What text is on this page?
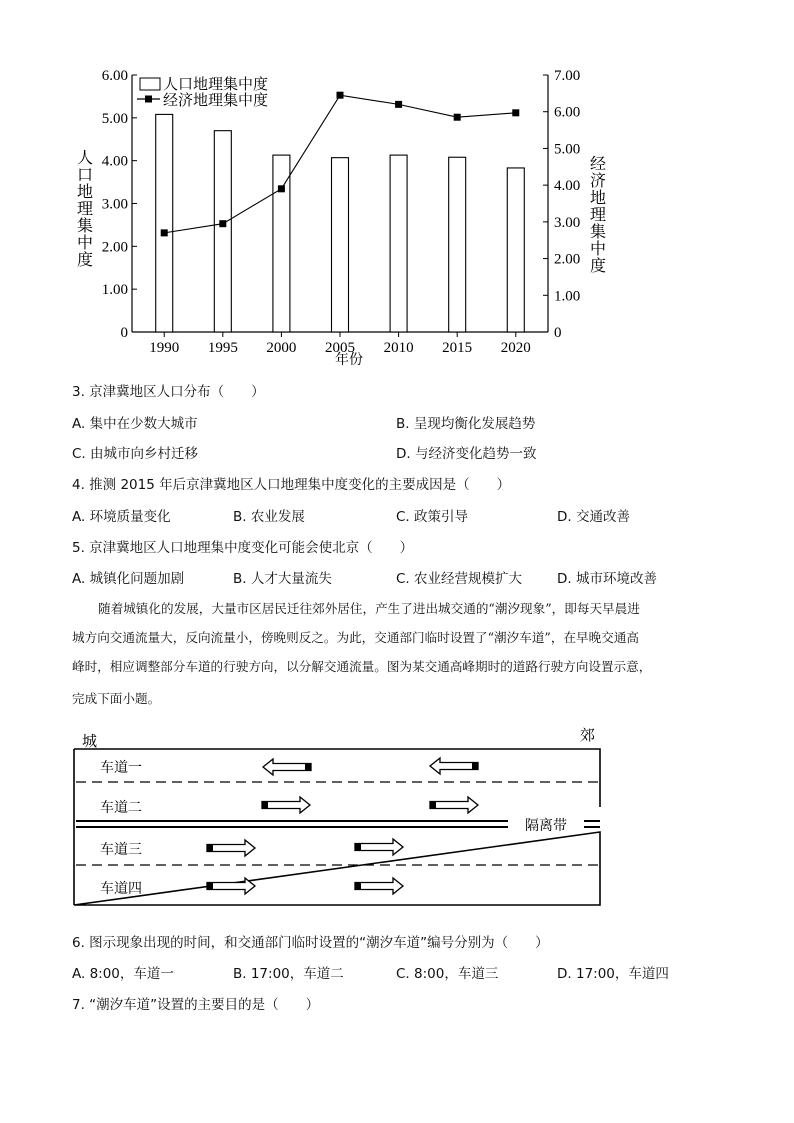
0
1.00
2.00
3.00
4.00
5.00
6.00
0
1.00
2.00
3.00
4.00
5.00
6.00
7.00
1990 1995 2000 2005 2010 2015 2020
人口地理集中度
经济地理集中度
人
口
地
理
集
中
度
经
济
地
理
集
中
度
年份
3. 京津冀地区人口分布（　　）
A. 集中在少数大城市	B. 呈现均衡化发展趋势
C. 由城市向乡村迁移	D. 与经济变化趋势一致
4. 推测 2015 年后京津冀地区人口地理集中度变化的主要成因是（　　）
A. 环境质量变化	B. 农业发展	C. 政策引导	D. 交通改善
5. 京津冀地区人口地理集中度变化可能会使北京（　　）
A. 城镇化问题加剧	B. 人才大量流失	C. 农业经营规模扩大	D. 城市环境改善
随着城镇化的发展，大量市区居民迁往郊外居住，产生了进出城交通的“潮汐现象”，即每天早晨进
城方向交通流量大，反向流量小，傍晚则反之。为此，交通部门临时设置了“潮汐车道”，在早晚交通高
峰时，相应调整部分车道的行驶方向，以分解交通流量。图为某交通高峰期时的道路行驶方向设置示意，
完成下面小题。
城	郊
隔离带
车道一
车道二
车道三
车道四
6. 图示现象出现的时间，和交通部门临时设置的“潮汐车道”编号分别为（　　）
A. 8:00，车道一	B. 17:00，车道二	C. 8:00，车道三	D. 17:00，车道四
7. “潮汐车道”设置的主要目的是（　　）
